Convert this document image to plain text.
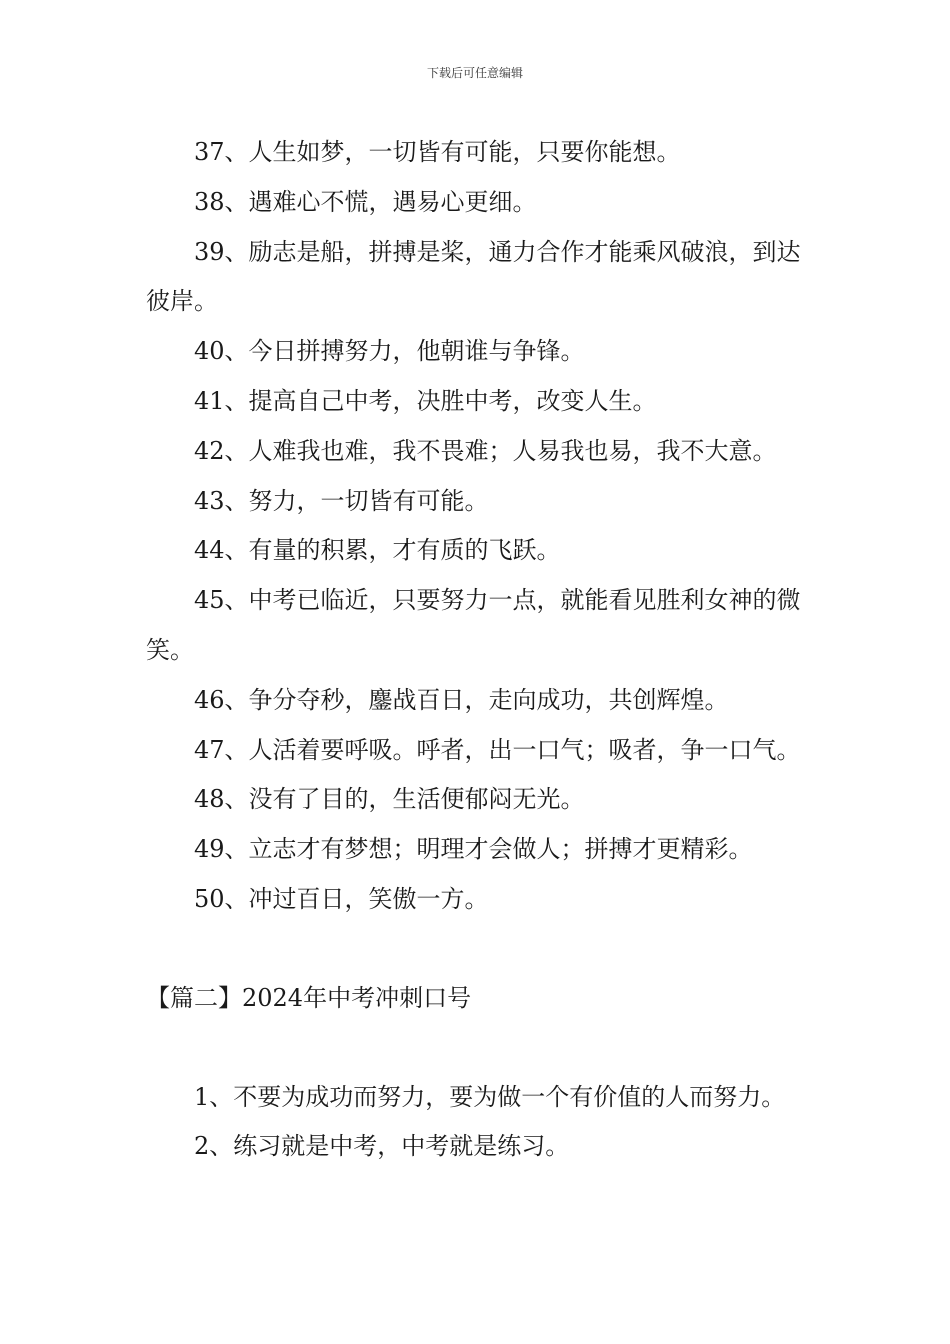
下载后可任意编辑

37、人生如梦，一切皆有可能，只要你能想。

38、遇难心不慌，遇易心更细。

39、励志是船，拼搏是桨，通力合作才能乘风破浪，到达彼岸。

40、今日拼搏努力，他朝谁与争锋。

41、提高自己中考，决胜中考，改变人生。

42、人难我也难，我不畏难；人易我也易，我不大意。

43、努力，一切皆有可能。

44、有量的积累，才有质的飞跃。

45、中考已临近，只要努力一点，就能看见胜利女神的微笑。

46、争分夺秒，鏖战百日，走向成功，共创辉煌。

47、人活着要呼吸。呼者，出一口气；吸者，争一口气。

48、没有了目的，生活便郁闷无光。

49、立志才有梦想；明理才会做人；拼搏才更精彩。

50、冲过百日，笑傲一方。

【篇二】2024年中考冲刺口号

1、不要为成功而努力，要为做一个有价值的人而努力。

2、练习就是中考，中考就是练习。
